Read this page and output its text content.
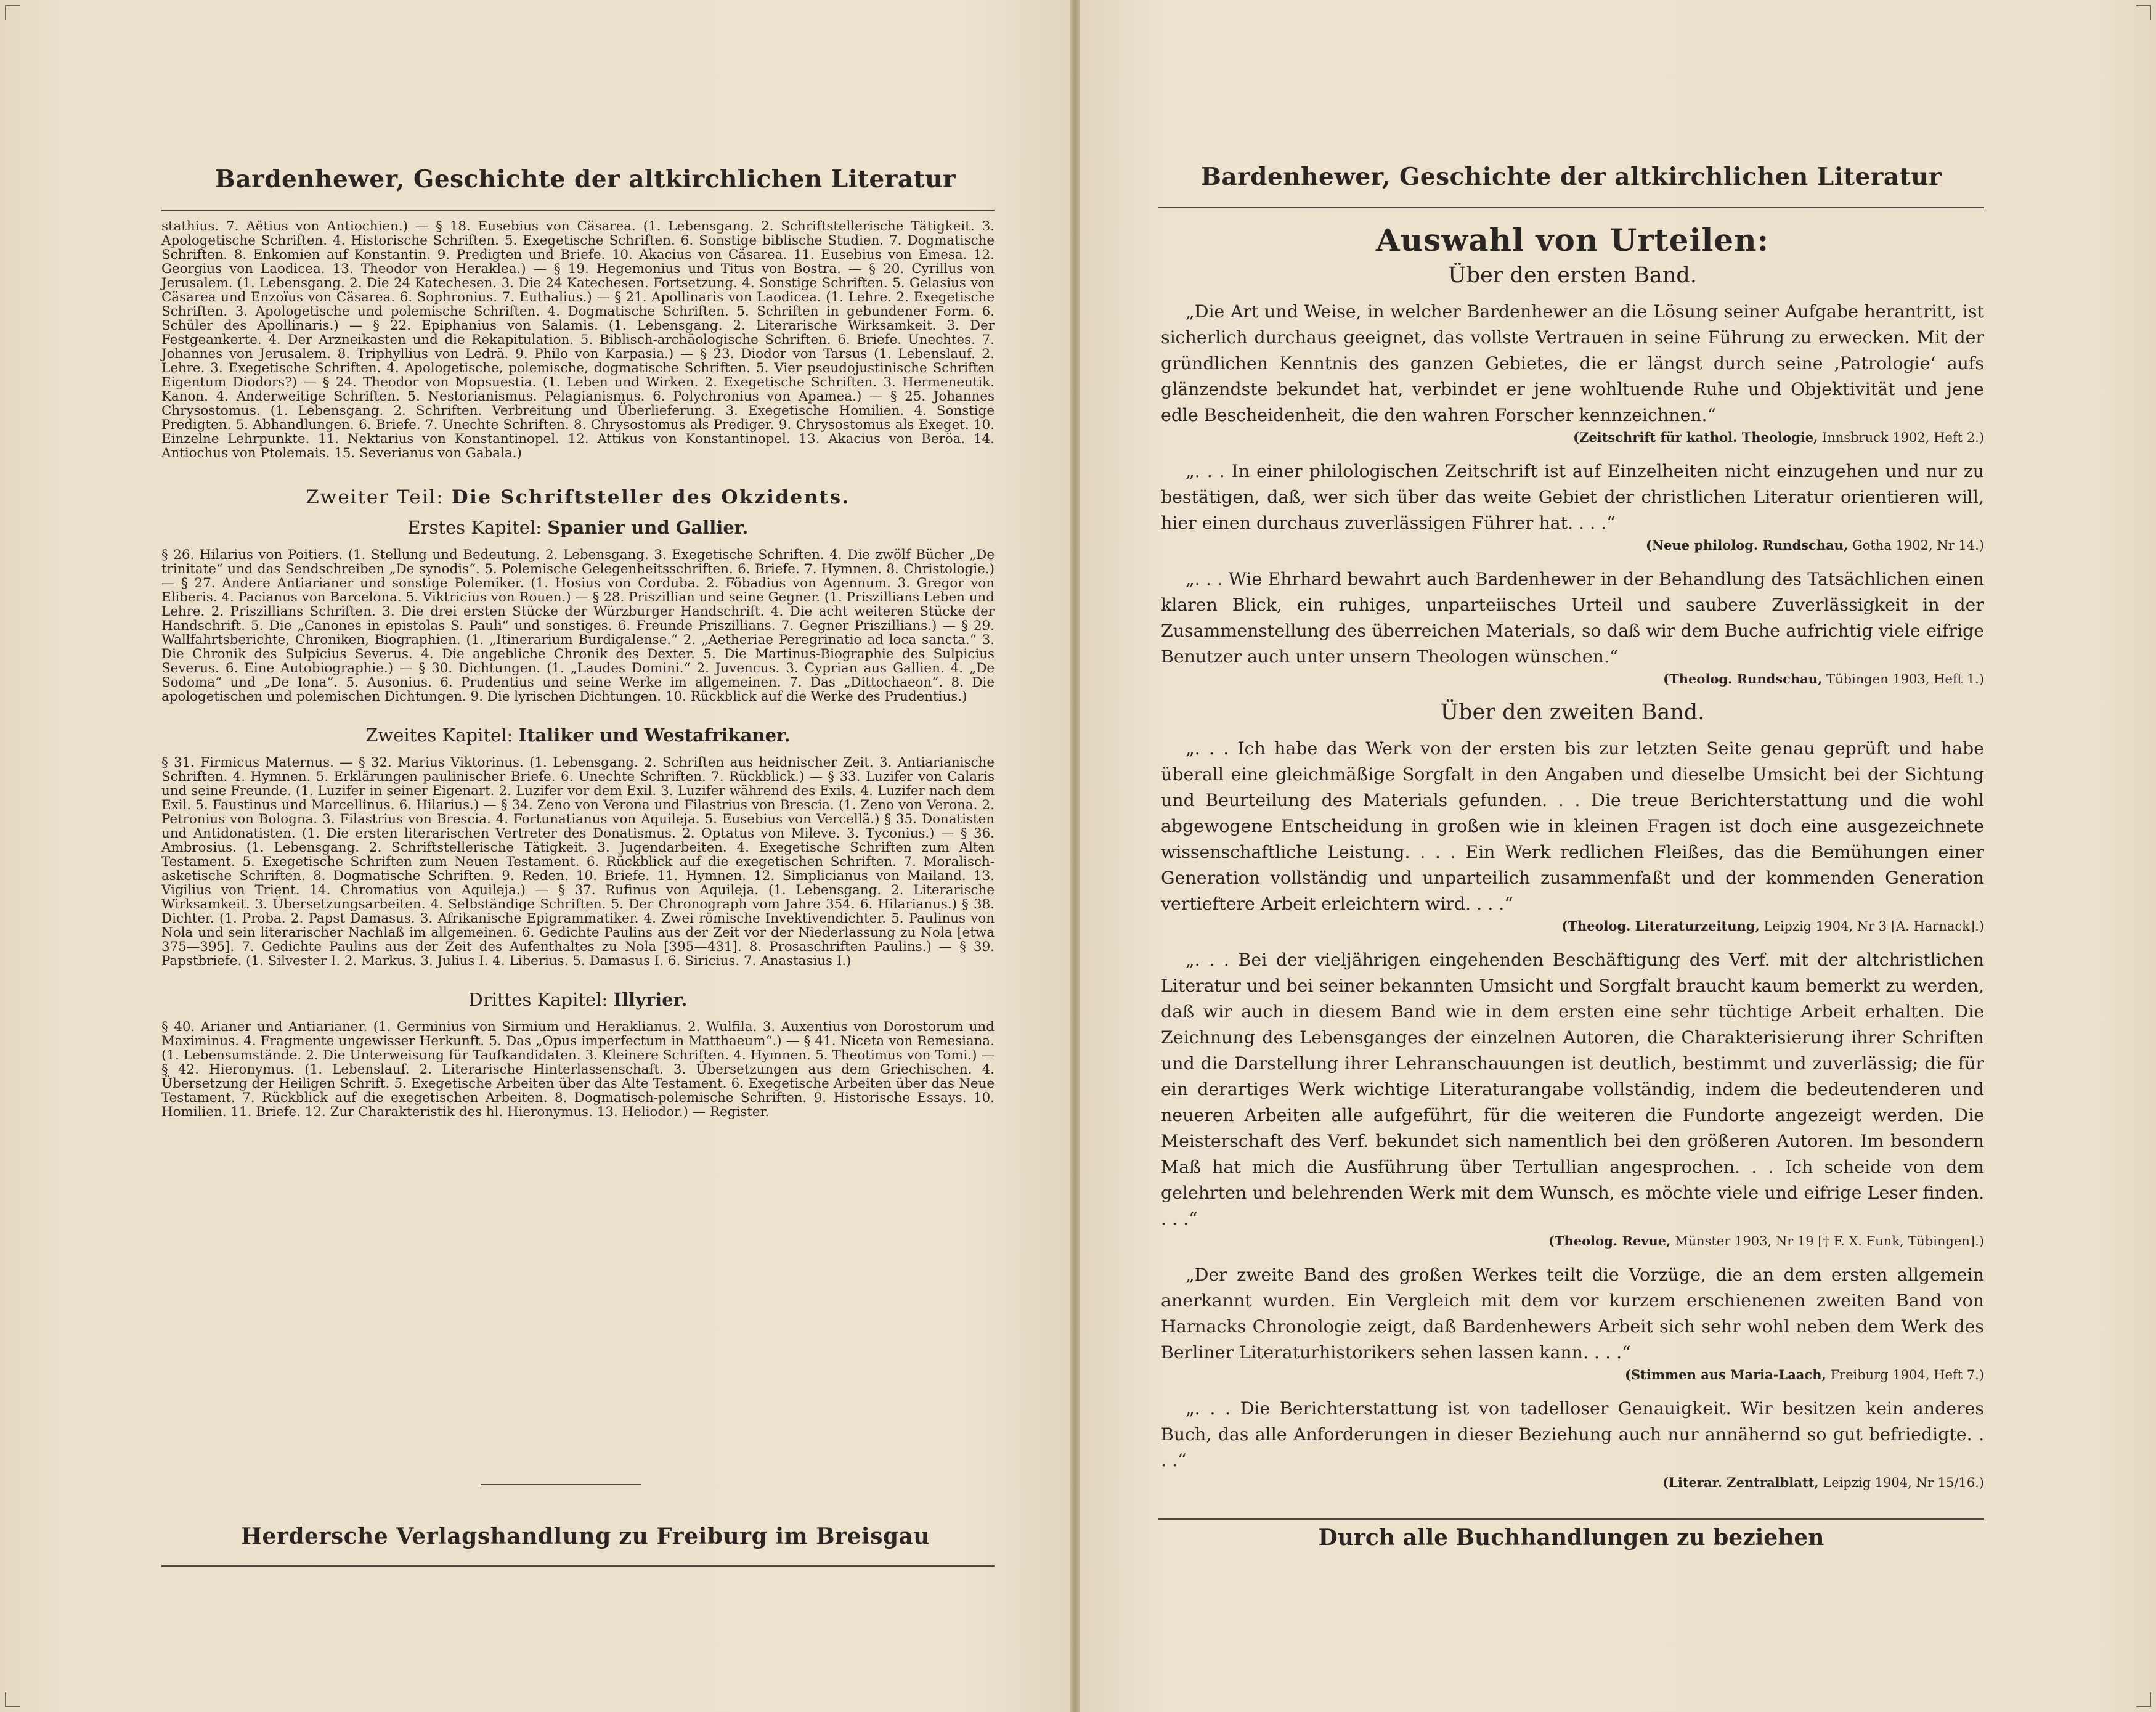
Bardenhewer, Geschichte der altkirchlichen Literatur

stathius. 7. Aëtius von Antiochien.) — § 18. Eusebius von Cäsarea. (1. Lebensgang. 2. Schriftstellerische Tätigkeit. 3. Apologetische Schriften. 4. Historische Schriften. 5. Exegetische Schriften. 6. Sonstige biblische Studien. 7. Dogmatische Schriften. 8. Enkomien auf Konstantin. 9. Predigten und Briefe. 10. Akacius von Cäsarea. 11. Eusebius von Emesa. 12. Georgius von Laodicea. 13. Theodor von Heraklea.) — § 19. Hegemonius und Titus von Bostra. — § 20. Cyrillus von Jerusalem. (1. Lebensgang. 2. Die 24 Katechesen. 3. Die 24 Katechesen. Fortsetzung. 4. Sonstige Schriften. 5. Gelasius von Cäsarea und Enzoïus von Cäsarea. 6. Sophronius. 7. Euthalius.) — § 21. Apollinaris von Laodicea. (1. Lehre. 2. Exegetische Schriften. 3. Apologetische und polemische Schriften. 4. Dogmatische Schriften. 5. Schriften in gebundener Form. 6. Schüler des Apollinaris.) — § 22. Epiphanius von Salamis. (1. Lebensgang. 2. Literarische Wirksamkeit. 3. Der Festgeankerte. 4. Der Arzneikasten und die Rekapitulation. 5. Biblisch-archäologische Schriften. 6. Briefe. Unechtes. 7. Johannes von Jerusalem. 8. Triphyllius von Ledrä. 9. Philo von Karpasia.) — § 23. Diodor von Tarsus (1. Lebenslauf. 2. Lehre. 3. Exegetische Schriften. 4. Apologetische, polemische, dogmatische Schriften. 5. Vier pseudojustinische Schriften Eigentum Diodors?) — § 24. Theodor von Mopsuestia. (1. Leben und Wirken. 2. Exegetische Schriften. 3. Hermeneutik. Kanon. 4. Anderweitige Schriften. 5. Nestorianismus. Pelagianismus. 6. Polychronius von Apamea.) — § 25. Johannes Chrysostomus. (1. Lebensgang. 2. Schriften. Verbreitung und Überlieferung. 3. Exegetische Homilien. 4. Sonstige Predigten. 5. Abhandlungen. 6. Briefe. 7. Unechte Schriften. 8. Chrysostomus als Prediger. 9. Chrysostomus als Exeget. 10. Einzelne Lehrpunkte. 11. Nektarius von Konstantinopel. 12. Attikus von Konstantinopel. 13. Akacius von Beröa. 14. Antiochus von Ptolemais. 15. Severianus von Gabala.)

Zweiter Teil: Die Schriftsteller des Okzidents.
Erstes Kapitel: Spanier und Gallier.

§ 26. Hilarius von Poitiers. (1. Stellung und Bedeutung. 2. Lebensgang. 3. Exegetische Schriften. 4. Die zwölf Bücher „De trinitate“ und das Sendschreiben „De synodis“. 5. Polemische Gelegenheitsschriften. 6. Briefe. 7. Hymnen. 8. Christologie.) — § 27. Andere Antiarianer und sonstige Polemiker. (1. Hosius von Corduba. 2. Föbadius von Agennum. 3. Gregor von Eliberis. 4. Pacianus von Barcelona. 5. Viktricius von Rouen.) — § 28. Priszillian und seine Gegner. (1. Priszillians Leben und Lehre. 2. Priszillians Schriften. 3. Die drei ersten Stücke der Würzburger Handschrift. 4. Die acht weiteren Stücke der Handschrift. 5. Die „Canones in epistolas S. Pauli“ und sonstiges. 6. Freunde Priszillians. 7. Gegner Priszillians.) — § 29. Wallfahrtsberichte, Chroniken, Biographien. (1. „Itinerarium Burdigalense.“ 2. „Aetheriae Peregrinatio ad loca sancta.“ 3. Die Chronik des Sulpicius Severus. 4. Die angebliche Chronik des Dexter. 5. Die Martinus-Biographie des Sulpicius Severus. 6. Eine Autobiographie.) — § 30. Dichtungen. (1. „Laudes Domini.“ 2. Juvencus. 3. Cyprian aus Gallien. 4. „De Sodoma“ und „De Iona“. 5. Ausonius. 6. Prudentius und seine Werke im allgemeinen. 7. Das „Dittochaeon“. 8. Die apologetischen und polemischen Dichtungen. 9. Die lyrischen Dichtungen. 10. Rückblick auf die Werke des Prudentius.)

Zweites Kapitel: Italiker und Westafrikaner.

§ 31. Firmicus Maternus. — § 32. Marius Viktorinus. (1. Lebensgang. 2. Schriften aus heidnischer Zeit. 3. Antiarianische Schriften. 4. Hymnen. 5. Erklärungen paulinischer Briefe. 6. Unechte Schriften. 7. Rückblick.) — § 33. Luzifer von Calaris und seine Freunde. (1. Luzifer in seiner Eigenart. 2. Luzifer vor dem Exil. 3. Luzifer während des Exils. 4. Luzifer nach dem Exil. 5. Faustinus und Marcellinus. 6. Hilarius.) — § 34. Zeno von Verona und Filastrius von Brescia. (1. Zeno von Verona. 2. Petronius von Bologna. 3. Filastrius von Brescia. 4. Fortunatianus von Aquileja. 5. Eusebius von Vercellä.) § 35. Donatisten und Antidonatisten. (1. Die ersten literarischen Vertreter des Donatismus. 2. Optatus von Mileve. 3. Tyconius.) — § 36. Ambrosius. (1. Lebensgang. 2. Schriftstellerische Tätigkeit. 3. Jugendarbeiten. 4. Exegetische Schriften zum Alten Testament. 5. Exegetische Schriften zum Neuen Testament. 6. Rückblick auf die exegetischen Schriften. 7. Moralisch-asketische Schriften. 8. Dogmatische Schriften. 9. Reden. 10. Briefe. 11. Hymnen. 12. Simplicianus von Mailand. 13. Vigilius von Trient. 14. Chromatius von Aquileja.) — § 37. Rufinus von Aquileja. (1. Lebensgang. 2. Literarische Wirksamkeit. 3. Übersetzungsarbeiten. 4. Selbständige Schriften. 5. Der Chronograph vom Jahre 354. 6. Hilarianus.) § 38. Dichter. (1. Proba. 2. Papst Damasus. 3. Afrikanische Epigrammatiker. 4. Zwei römische Invektivendichter. 5. Paulinus von Nola und sein literarischer Nachlaß im allgemeinen. 6. Gedichte Paulins aus der Zeit vor der Niederlassung zu Nola [etwa 375—395]. 7. Gedichte Paulins aus der Zeit des Aufenthaltes zu Nola [395—431]. 8. Prosaschriften Paulins.) — § 39. Papstbriefe. (1. Silvester I. 2. Markus. 3. Julius I. 4. Liberius. 5. Damasus I. 6. Siricius. 7. Anastasius I.)

Drittes Kapitel: Illyrier.

§ 40. Arianer und Antiarianer. (1. Germinius von Sirmium und Heraklianus. 2. Wulfila. 3. Auxentius von Dorostorum und Maximinus. 4. Fragmente ungewisser Herkunft. 5. Das „Opus imperfectum in Matthaeum“.) — § 41. Niceta von Remesiana. (1. Lebensumstände. 2. Die Unterweisung für Taufkandidaten. 3. Kleinere Schriften. 4. Hymnen. 5. Theotimus von Tomi.) — § 42. Hieronymus. (1. Lebenslauf. 2. Literarische Hinterlassenschaft. 3. Übersetzungen aus dem Griechischen. 4. Übersetzung der Heiligen Schrift. 5. Exegetische Arbeiten über das Alte Testament. 6. Exegetische Arbeiten über das Neue Testament. 7. Rückblick auf die exegetischen Arbeiten. 8. Dogmatisch-polemische Schriften. 9. Historische Essays. 10. Homilien. 11. Briefe. 12. Zur Charakteristik des hl. Hieronymus. 13. Heliodor.) — Register.

Herdersche Verlagshandlung zu Freiburg im Breisgau
Bardenhewer, Geschichte der altkirchlichen Literatur
Auswahl von Urteilen:
Über den ersten Band.

„Die Art und Weise, in welcher Bardenhewer an die Lösung seiner Aufgabe herantritt, ist sicherlich durchaus geeignet, das vollste Vertrauen in seine Führung zu erwecken. Mit der gründlichen Kenntnis des ganzen Gebietes, die er längst durch seine ‚Patrologie‘ aufs glänzendste bekundet hat, verbindet er jene wohltuende Ruhe und Objektivität und jene edle Bescheidenheit, die den wahren Forscher kennzeichnen.“

(Zeitschrift für kathol. Theologie, Innsbruck 1902, Heft 2.)

„. . . In einer philologischen Zeitschrift ist auf Einzelheiten nicht einzugehen und nur zu bestätigen, daß, wer sich über das weite Gebiet der christlichen Literatur orientieren will, hier einen durchaus zuverlässigen Führer hat. . . .“

(Neue philolog. Rundschau, Gotha 1902, Nr 14.)

„. . . Wie Ehrhard bewahrt auch Bardenhewer in der Behandlung des Tatsächlichen einen klaren Blick, ein ruhiges, unparteiisches Urteil und saubere Zuverlässigkeit in der Zusammenstellung des überreichen Materials, so daß wir dem Buche aufrichtig viele eifrige Benutzer auch unter unsern Theologen wünschen.“

(Theolog. Rundschau, Tübingen 1903, Heft 1.)
Über den zweiten Band.

„. . . Ich habe das Werk von der ersten bis zur letzten Seite genau geprüft und habe überall eine gleichmäßige Sorgfalt in den Angaben und dieselbe Umsicht bei der Sichtung und Beurteilung des Materials gefunden. . . Die treue Berichterstattung und die wohl abgewogene Entscheidung in großen wie in kleinen Fragen ist doch eine ausgezeichnete wissenschaftliche Leistung. . . . Ein Werk redlichen Fleißes, das die Bemühungen einer Generation vollständig und unparteilich zusammenfaßt und der kommenden Generation vertieftere Arbeit erleichtern wird. . . .“

(Theolog. Literaturzeitung, Leipzig 1904, Nr 3 [A. Harnack].)

„. . . Bei der vieljährigen eingehenden Beschäftigung des Verf. mit der altchristlichen Literatur und bei seiner bekannten Umsicht und Sorgfalt braucht kaum bemerkt zu werden, daß wir auch in diesem Band wie in dem ersten eine sehr tüchtige Arbeit erhalten. Die Zeichnung des Lebensganges der einzelnen Autoren, die Charakterisierung ihrer Schriften und die Darstellung ihrer Lehranschauungen ist deutlich, bestimmt und zuverlässig; die für ein derartiges Werk wichtige Literaturangabe vollständig, indem die bedeutenderen und neueren Arbeiten alle aufgeführt, für die weiteren die Fundorte angezeigt werden. Die Meisterschaft des Verf. bekundet sich namentlich bei den größeren Autoren. Im besondern Maß hat mich die Ausführung über Tertullian angesprochen. . . Ich scheide von dem gelehrten und belehrenden Werk mit dem Wunsch, es möchte viele und eifrige Leser finden. . . .“

(Theolog. Revue, Münster 1903, Nr 19 [† F. X. Funk, Tübingen].)

„Der zweite Band des großen Werkes teilt die Vorzüge, die an dem ersten allgemein anerkannt wurden. Ein Vergleich mit dem vor kurzem erschienenen zweiten Band von Harnacks Chronologie zeigt, daß Bardenhewers Arbeit sich sehr wohl neben dem Werk des Berliner Literaturhistorikers sehen lassen kann. . . .“

(Stimmen aus Maria-Laach, Freiburg 1904, Heft 7.)

„. . . Die Berichterstattung ist von tadelloser Genauigkeit. Wir besitzen kein anderes Buch, das alle Anforderungen in dieser Beziehung auch nur annähernd so gut befriedigte. . . .“

(Literar. Zentralblatt, Leipzig 1904, Nr 15/16.)
Durch alle Buchhandlungen zu beziehen
